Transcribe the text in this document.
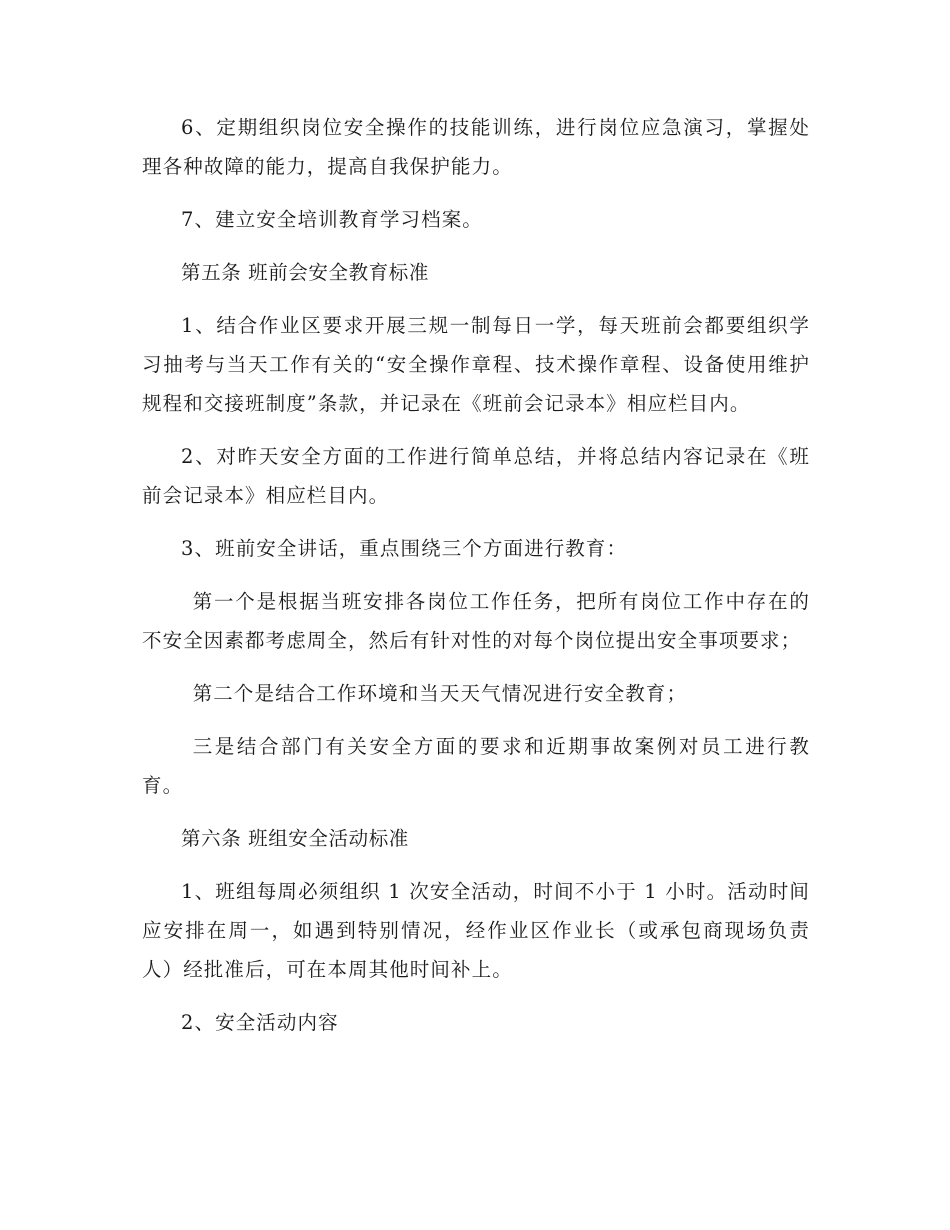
6、定期组织岗位安全操作的技能训练，进行岗位应急演习，掌握处理各种故障的能力，提高自我保护能力。

7、建立安全培训教育学习档案。

第五条 班前会安全教育标准

1、结合作业区要求开展三规一制每日一学，每天班前会都要组织学习抽考与当天工作有关的“安全操作章程、技术操作章程、设备使用维护规程和交接班制度”条款，并记录在《班前会记录本》相应栏目内。

2、对昨天安全方面的工作进行简单总结，并将总结内容记录在《班前会记录本》相应栏目内。

3、班前安全讲话，重点围绕三个方面进行教育：

第一个是根据当班安排各岗位工作任务，把所有岗位工作中存在的不安全因素都考虑周全，然后有针对性的对每个岗位提出安全事项要求；

第二个是结合工作环境和当天天气情况进行安全教育；

三是结合部门有关安全方面的要求和近期事故案例对员工进行教育。

第六条 班组安全活动标准

1、班组每周必须组织 1 次安全活动，时间不小于 1 小时。活动时间应安排在周一，如遇到特别情况，经作业区作业长（或承包商现场负责人）经批准后，可在本周其他时间补上。

2、安全活动内容
